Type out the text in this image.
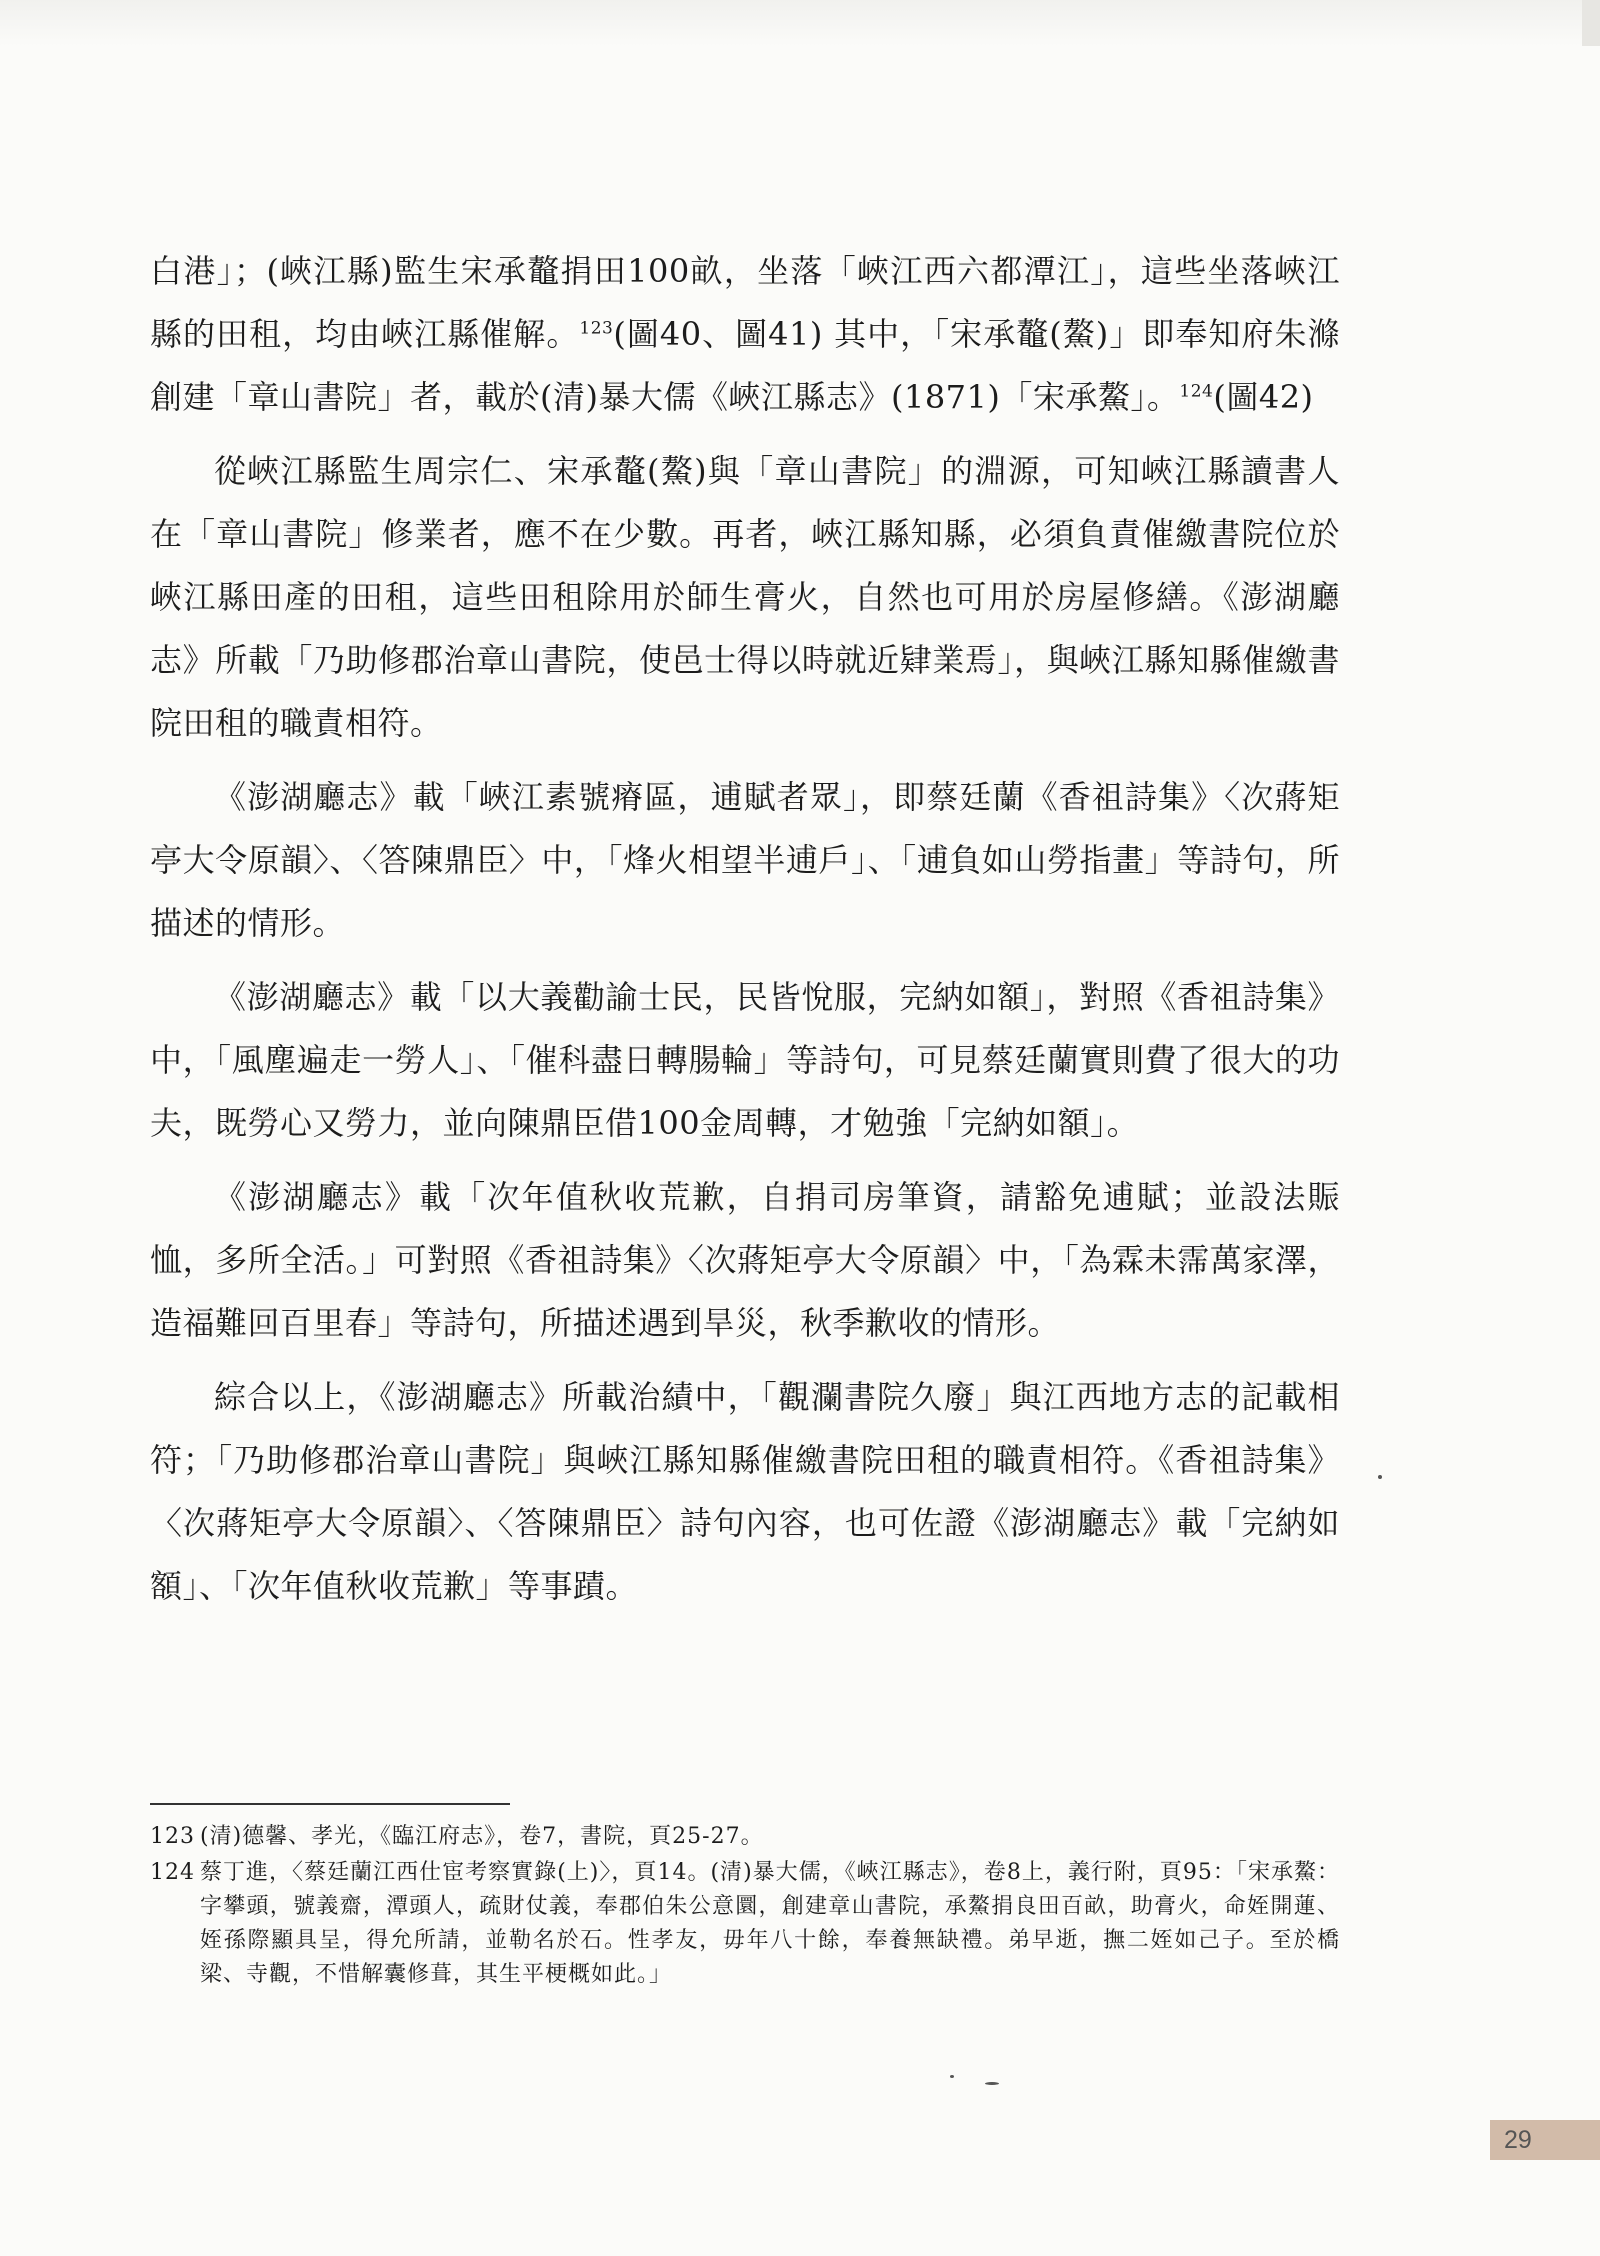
白港」；(峽江縣)監生宋承鼇捐田100畝，坐落「峽江西六都潭江」，這些坐落峽江縣的田租，均由峽江縣催解。$^{123}$(圖40、圖41) 其中，「宋承鼇(鰲)」即奉知府朱滌創建「章山書院」者，載於(清)暴大儒《峽江縣志》(1871)「宋承鰲」。$^{124}$(圖42)

從峽江縣監生周宗仁、宋承鼇(鰲)與「章山書院」的淵源，可知峽江縣讀書人在「章山書院」修業者，應不在少數。再者，峽江縣知縣，必須負責催繳書院位於峽江縣田產的田租，這些田租除用於師生膏火，自然也可用於房屋修繕。《澎湖廳志》所載「乃助修郡治章山書院，使邑士得以時就近肄業焉」，與峽江縣知縣催繳書院田租的職責相符。

《澎湖廳志》載「峽江素號瘠區，逋賦者眾」，即蔡廷蘭《香祖詩集》〈次蔣矩亭大令原韻〉、〈答陳鼎臣〉中，「烽火相望半逋戶」、「逋負如山勞指畫」等詩句，所描述的情形。

《澎湖廳志》載「以大義勸諭士民，民皆悅服，完納如額」，對照《香祖詩集》中，「風塵遍走一勞人」、「催科盡日轉腸輪」等詩句，可見蔡廷蘭實則費了很大的功夫，既勞心又勞力，並向陳鼎臣借100金周轉，才勉強「完納如額」。

《澎湖廳志》載「次年值秋收荒歉，自捐司房筆資，請豁免逋賦；並設法賑恤，多所全活。」可對照《香祖詩集》〈次蔣矩亭大令原韻〉中，「為霖未霈萬家澤，造福難回百里春」等詩句，所描述遇到旱災，秋季歉收的情形。

綜合以上，《澎湖廳志》所載治績中，「觀瀾書院久廢」與江西地方志的記載相符；「乃助修郡治章山書院」與峽江縣知縣催繳書院田租的職責相符。《香祖詩集》〈次蔣矩亭大令原韻〉、〈答陳鼎臣〉詩句內容，也可佐證《澎湖廳志》載「完納如額」、「次年值秋收荒歉」等事蹟。

123 (清)德馨、孝光，《臨江府志》，卷7，書院，頁25-27。
124 蔡丁進，〈蔡廷蘭江西仕宦考察實錄(上)〉，頁14。(清)暴大儒，《峽江縣志》，卷8上，義行附，頁95：「宋承鰲：字攀頭，號義齋，潭頭人，疏財仗義，奉郡伯朱公意圜，創建章山書院，承鰲捐良田百畝，助膏火，命姪開蓮、姪孫際顯具呈，得允所請，並勒名於石。性孝友，毋年八十餘，奉養無缺禮。弟早逝，撫二姪如己子。至於橋梁、寺觀，不惜解囊修葺，其生平梗概如此。」
29
